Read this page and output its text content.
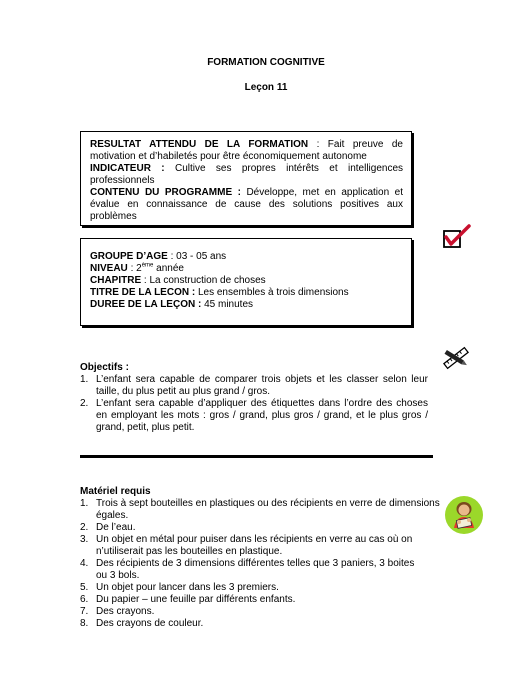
FORMATION COGNITIVE
Leçon 11

RESULTAT ATTENDU DE LA FORMATION : Fait preuve de motivation et d’habiletés pour être économiquement autonome

INDICATEUR : Cultive ses propres intérêts et intelligences professionnels

CONTENU DU PROGRAMME : Développe, met en application et évalue en connaissance de cause des solutions positives aux problèmes

GROUPE D’AGE : 03 - 05 ans

NIVEAU : 2ème année

CHAPITRE : La construction de choses

TITRE DE LA LECON : Les ensembles à trois dimensions

DUREE DE LA LEÇON : 45 minutes

Objectifs :
1. L’enfant sera capable de comparer trois objets et les classer selon leur taille, du plus petit au plus grand / gros.
2. L’enfant sera capable d’appliquer des étiquettes dans l’ordre des choses en employant les mots : gros / grand, plus gros / grand, et le plus gros / grand, petit, plus petit.
Matériel requis
1. Trois à sept bouteilles en plastiques ou des récipients en verre de dimensions égales.
2. De l’eau.
3. Un objet en métal pour puiser dans les récipients en verre au cas où on n’utiliserait pas les bouteilles en plastique.
4. Des récipients de 3 dimensions différentes telles que 3 paniers, 3 boites ou 3 bols.
5. Un objet pour lancer dans les 3 premiers.
6. Du papier – une feuille par différents enfants.
7. Des crayons.
8. Des crayons de couleur.
